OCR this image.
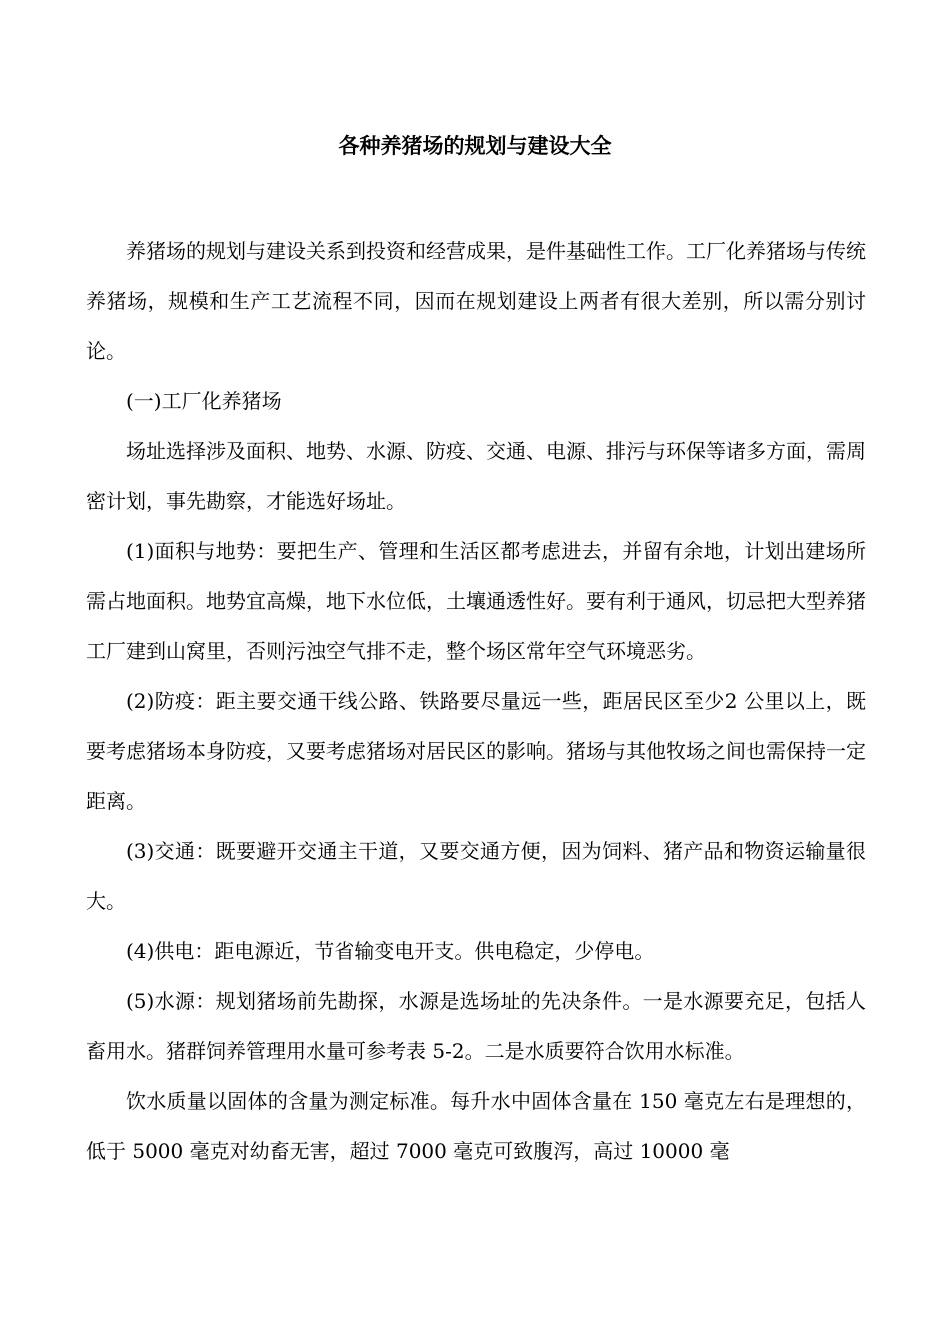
各种养猪场的规划与建设大全

养猪场的规划与建设关系到投资和经营成果，是件基础性工作。工厂化养猪场与传统养猪场，规模和生产工艺流程不同，因而在规划建设上两者有很大差别，所以需分别讨论。

(一)工厂化养猪场

场址选择涉及面积、地势、水源、防疫、交通、电源、排污与环保等诸多方面，需周密计划，事先勘察，才能选好场址。

(1)面积与地势：要把生产、管理和生活区都考虑进去，并留有余地，计划出建场所需占地面积。地势宜高燥，地下水位低，土壤通透性好。要有利于通风，切忌把大型养猪工厂建到山窝里，否则污浊空气排不走，整个场区常年空气环境恶劣。

(2)防疫：距主要交通干线公路、铁路要尽量远一些，距居民区至少2 公里以上，既要考虑猪场本身防疫，又要考虑猪场对居民区的影响。猪场与其他牧场之间也需保持一定距离。

(3)交通：既要避开交通主干道，又要交通方便，因为饲料、猪产品和物资运输量很大。

(4)供电：距电源近，节省输变电开支。供电稳定，少停电。

(5)水源：规划猪场前先勘探，水源是选场址的先决条件。一是水源要充足，包括人畜用水。猪群饲养管理用水量可参考表 5-2。二是水质要符合饮用水标准。

饮水质量以固体的含量为测定标准。每升水中固体含量在 150 毫克左右是理想的，低于 5000 毫克对幼畜无害，超过 7000 毫克可致腹泻，高过 10000 毫
